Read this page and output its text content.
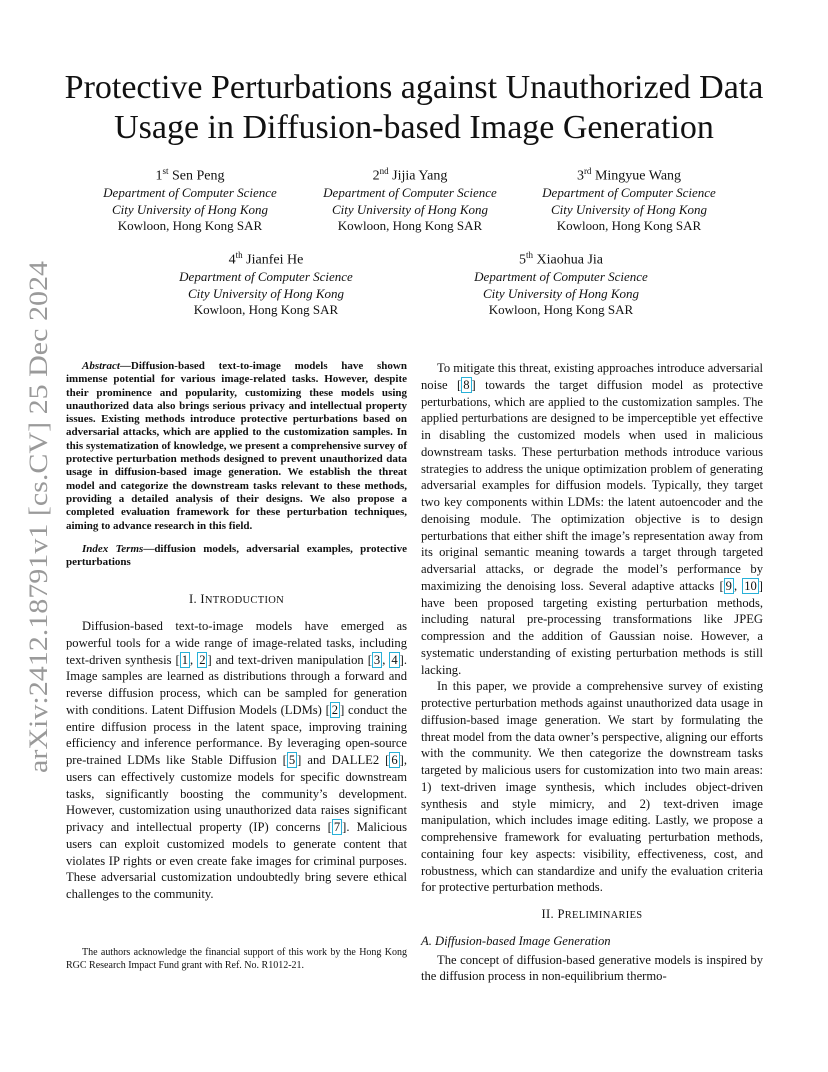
arXiv:2412.18791v1 [cs.CV] 25 Dec 2024
Protective Perturbations against Unauthorized Data Usage in Diffusion-based Image Generation
1st Sen Peng
Department of Computer Science
City University of Hong Kong
Kowloon, Hong Kong SAR
2nd Jijia Yang
Department of Computer Science
City University of Hong Kong
Kowloon, Hong Kong SAR
3rd Mingyue Wang
Department of Computer Science
City University of Hong Kong
Kowloon, Hong Kong SAR
4th Jianfei He
Department of Computer Science
City University of Hong Kong
Kowloon, Hong Kong SAR
5th Xiaohua Jia
Department of Computer Science
City University of Hong Kong
Kowloon, Hong Kong SAR

Abstract—Diffusion-based text-to-image models have shown immense potential for various image-related tasks. However, despite their prominence and popularity, customizing these models using unauthorized data also brings serious privacy and intellectual property issues. Existing methods introduce protective perturbations based on adversarial attacks, which are applied to the customization samples. In this systematization of knowledge, we present a comprehensive survey of protective perturbation methods designed to prevent unauthorized data usage in diffusion-based image generation. We establish the threat model and categorize the downstream tasks relevant to these methods, providing a detailed analysis of their designs. We also propose a completed evaluation framework for these perturbation techniques, aiming to advance research in this field.

Index Terms—diffusion models, adversarial examples, protective perturbations

I. INTRODUCTION

Diffusion-based text-to-image models have emerged as powerful tools for a wide range of image-related tasks, including text-driven synthesis [ 1 , 2 ] and text-driven manipulation [ 3 , 4 ]. Image samples are learned as distributions through a forward and reverse diffusion process, which can be sampled for generation with conditions. Latent Diffusion Models (LDMs) [ 2 ] conduct the entire diffusion process in the latent space, improving training efficiency and inference performance. By leveraging open-source pre-trained LDMs like Stable Diffusion [ 5 ] and DALLE2 [ 6 ], users can effectively customize models for specific downstream tasks, significantly boosting the community’s development. However, customization using unauthorized data raises significant privacy and intellectual property (IP) concerns [ 7 ]. Malicious users can exploit customized models to generate content that violates IP rights or even create fake images for criminal purposes. These adversarial customization undoubtedly bring severe ethical challenges to the community.

To mitigate this threat, existing approaches introduce adversarial noise [ 8 ] towards the target diffusion model as protective perturbations, which are applied to the customization samples. The applied perturbations are designed to be imperceptible yet effective in disabling the customized models when used in malicious downstream tasks. These perturbation methods introduce various strategies to address the unique optimization problem of generating adversarial examples for diffusion models. Typically, they target two key components within LDMs: the latent autoencoder and the denoising module. The optimization objective is to design perturbations that either shift the image’s representation away from its original semantic meaning towards a target through targeted adversarial attacks, or degrade the model’s performance by maximizing the denoising loss. Several adaptive attacks [ 9 , 10 ] have been proposed targeting existing perturbation methods, including natural pre-processing transformations like JPEG compression and the addition of Gaussian noise. However, a systematic understanding of existing perturbation methods is still lacking.

In this paper, we provide a comprehensive survey of existing protective perturbation methods against unauthorized data usage in diffusion-based image generation. We start by formulating the threat model from the data owner’s perspective, aligning our efforts with the community. We then categorize the downstream tasks targeted by malicious users for customization into two main areas: 1) text-driven image synthesis, which includes object-driven synthesis and style mimicry, and 2) text-driven image manipulation, which includes image editing. Lastly, we propose a comprehensive framework for evaluating perturbation methods, containing four key aspects: visibility, effectiveness, cost, and robustness, which can standardize and unify the evaluation criteria for protective perturbation methods.

II. PRELIMINARIES
A. Diffusion-based Image Generation

The concept of diffusion-based generative models is inspired by the diffusion process in non-equilibrium thermo-

The authors acknowledge the financial support of this work by the Hong Kong RGC Research Impact Fund grant with Ref. No. R1012-21.
